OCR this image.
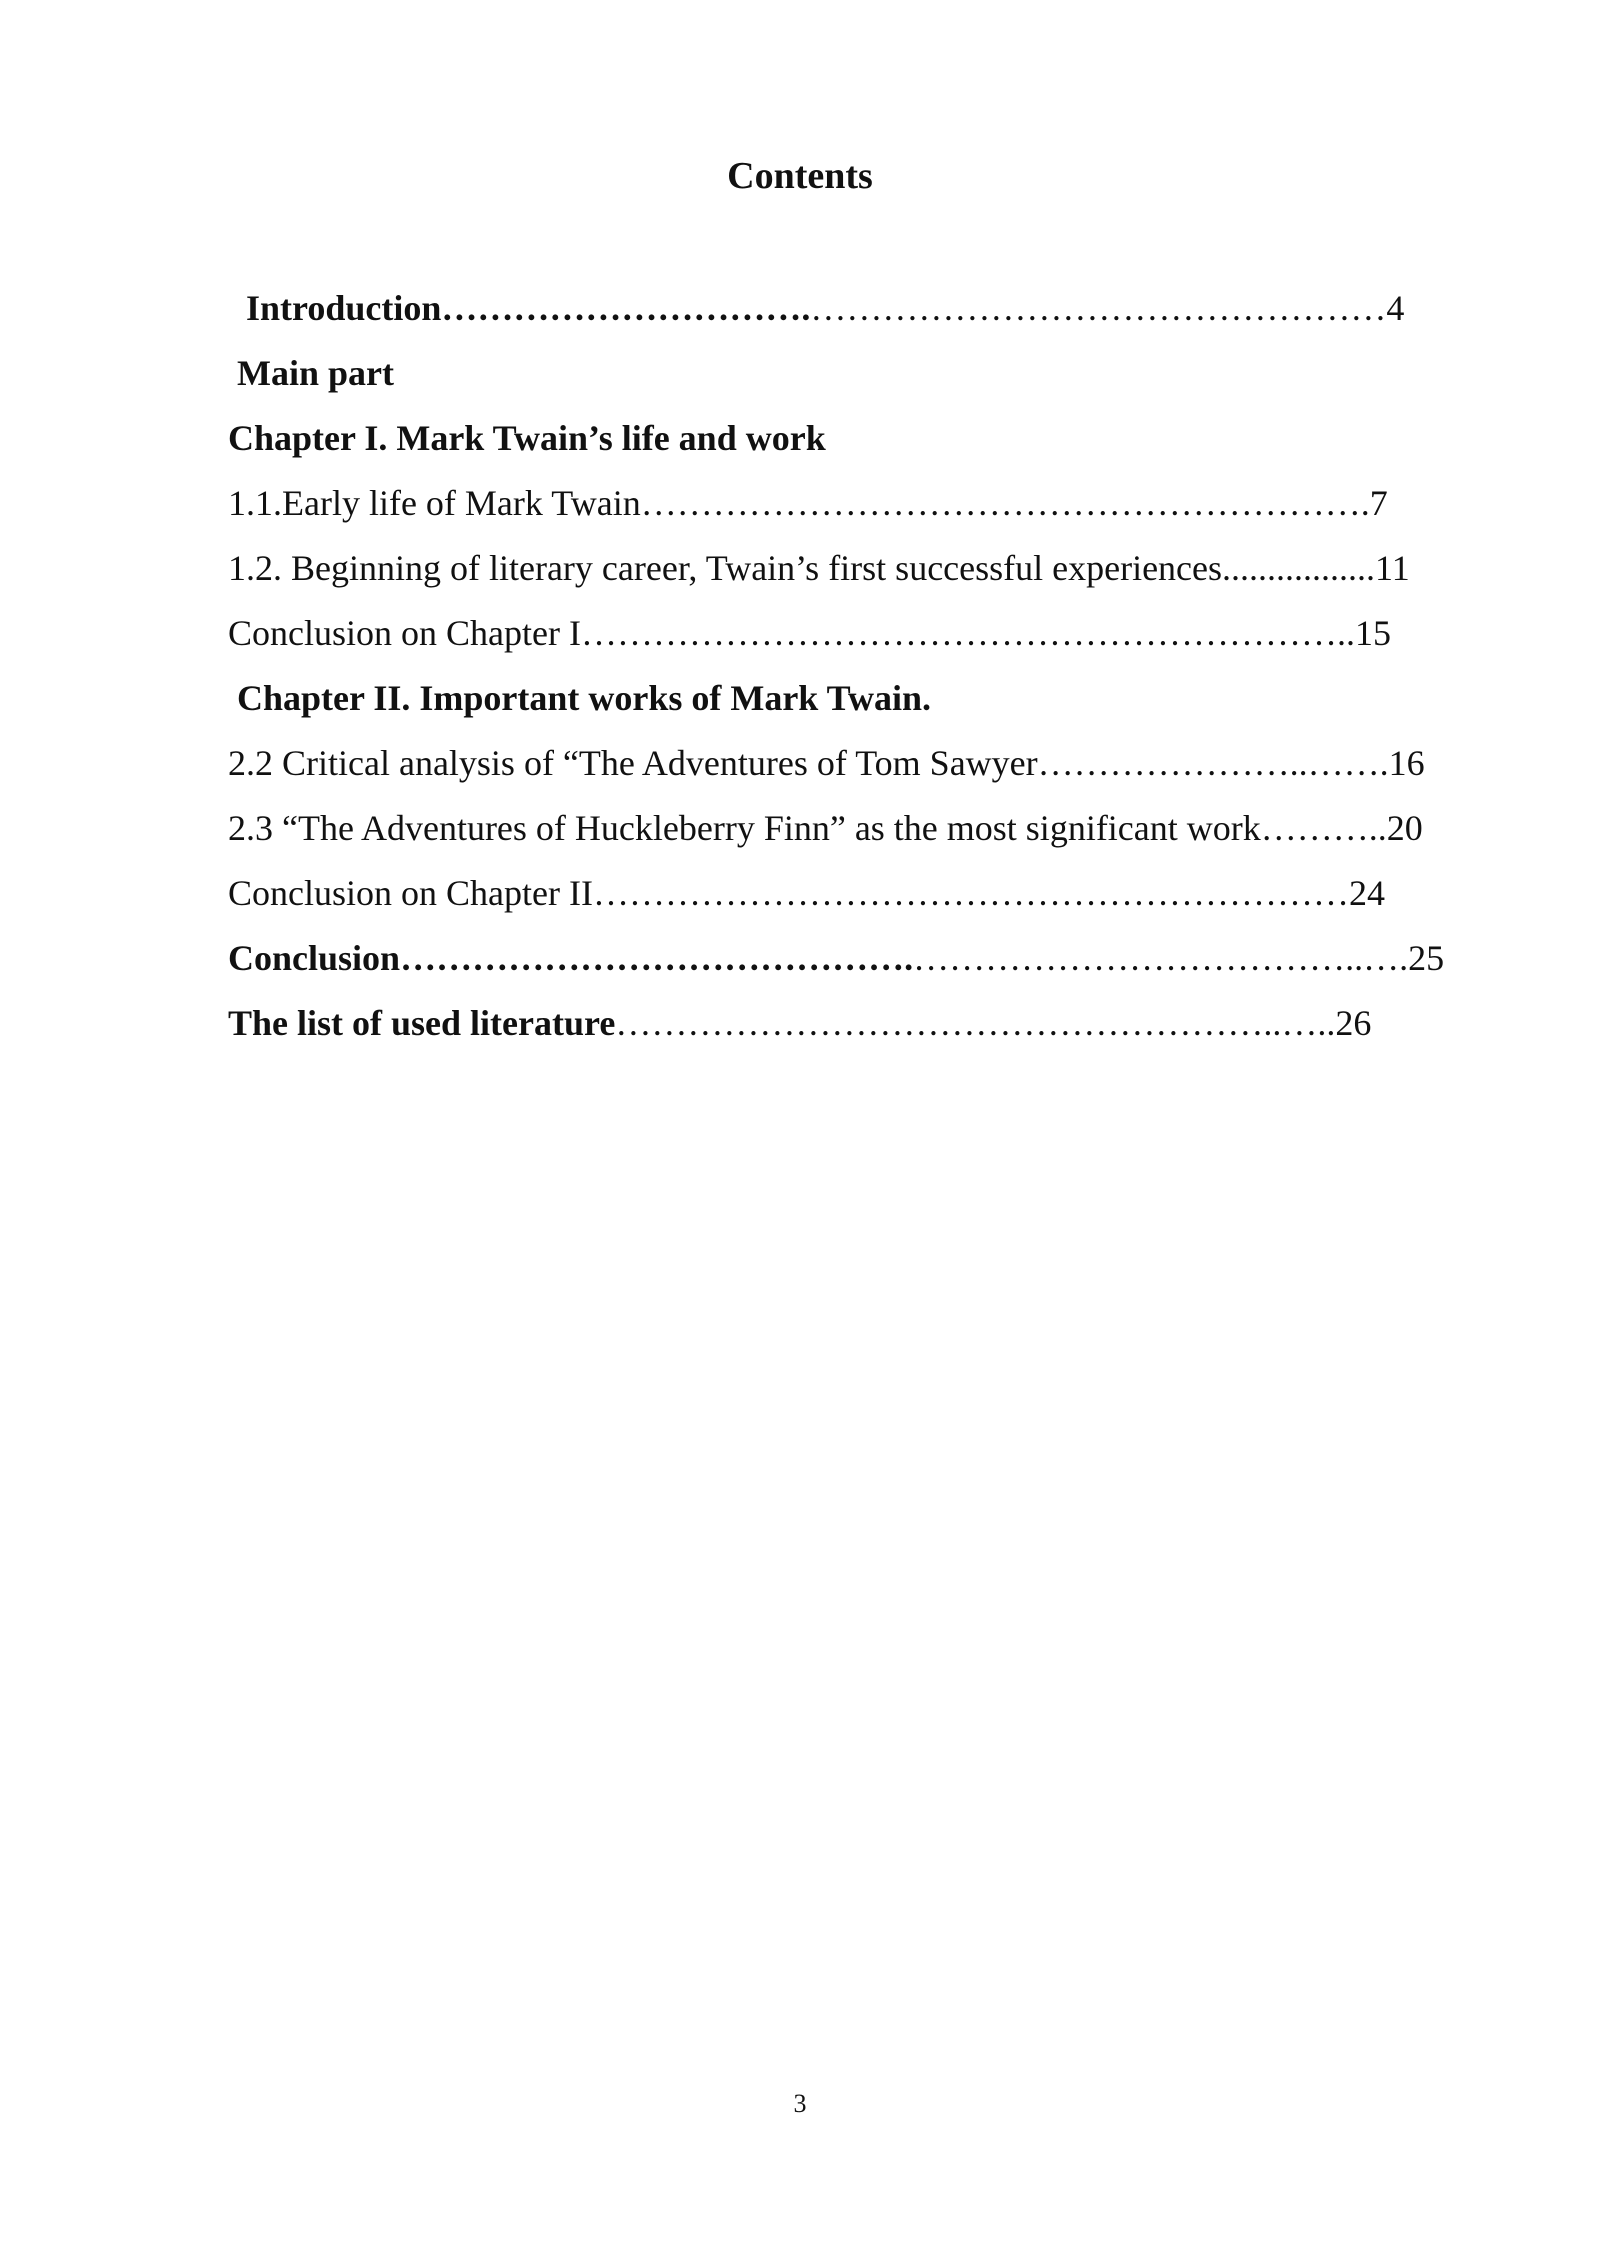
Contents
Introduction………………………….…………………………………………4
Main part
Chapter I. Mark Twain’s life and work
1.1.Early life of Mark Twain…………………………………………………….7
1.2. Beginning of literary career, Twain’s first successful experiences.................11
Conclusion on Chapter I………………………………………………………..15
Chapter II. Important works of Mark Twain.
2.2 Critical analysis of “The Adventures of Tom Sawyer…………………..…….16
2.3 “The Adventures of Huckleberry Finn” as the most significant work………..20
Conclusion on Chapter II………………………………………………………24
Conclusion…………………………………….………………………………..….25
The list of used literature………………………………………………..…..26
3
